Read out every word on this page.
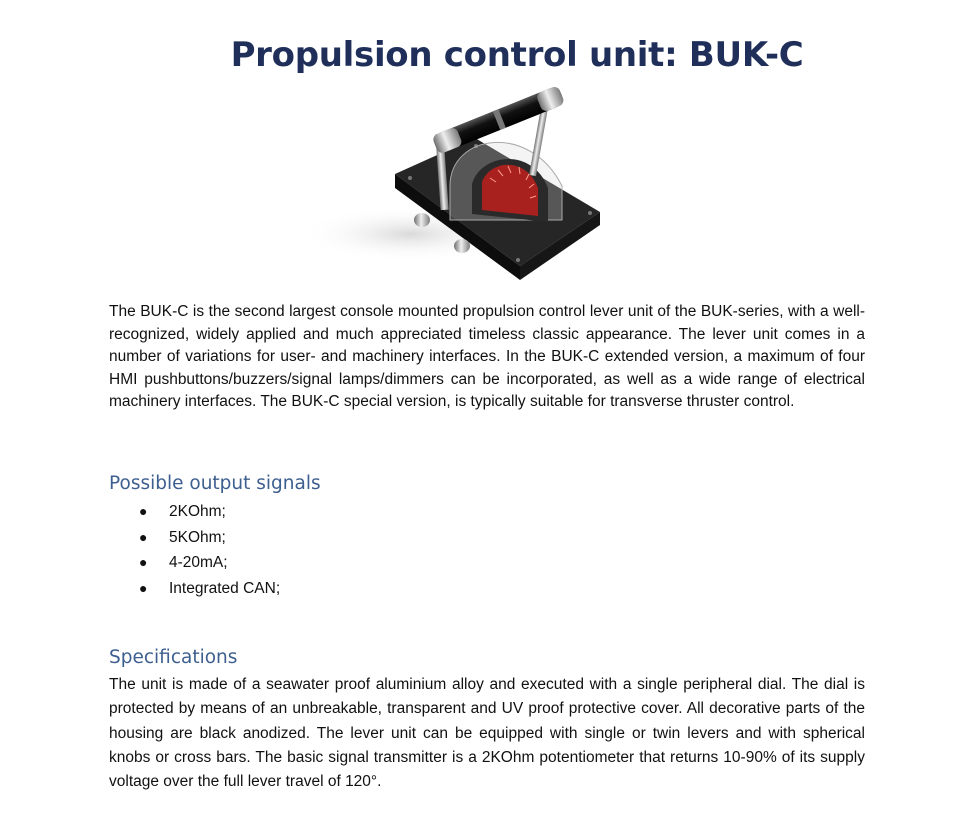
Propulsion control unit: BUK-C

The BUK-C is the second largest console mounted propulsion control lever unit of the BUK-series, with a well-recognized, widely applied and much appreciated timeless classic appearance. The lever unit comes in a number of variations for user- and machinery interfaces. In the BUK-C extended version, a maximum of four HMI pushbuttons/buzzers/signal lamps/dimmers can be incorporated, as well as a wide range of electrical machinery interfaces. The BUK-C special version, is typically suitable for transverse thruster control.

Possible output signals
● 2KOhm;
● 5KOhm;
● 4-20mA;
● Integrated CAN;
Specifications

The unit is made of a seawater proof aluminium alloy and executed with a single peripheral dial. The dial is protected by means of an unbreakable, transparent and UV proof protective cover. All decorative parts of the housing are black anodized. The lever unit can be equipped with single or twin levers and with spherical knobs or cross bars. The basic signal transmitter is a 2KOhm potentiometer that returns 10-90% of its supply voltage over the full lever travel of 120°.
